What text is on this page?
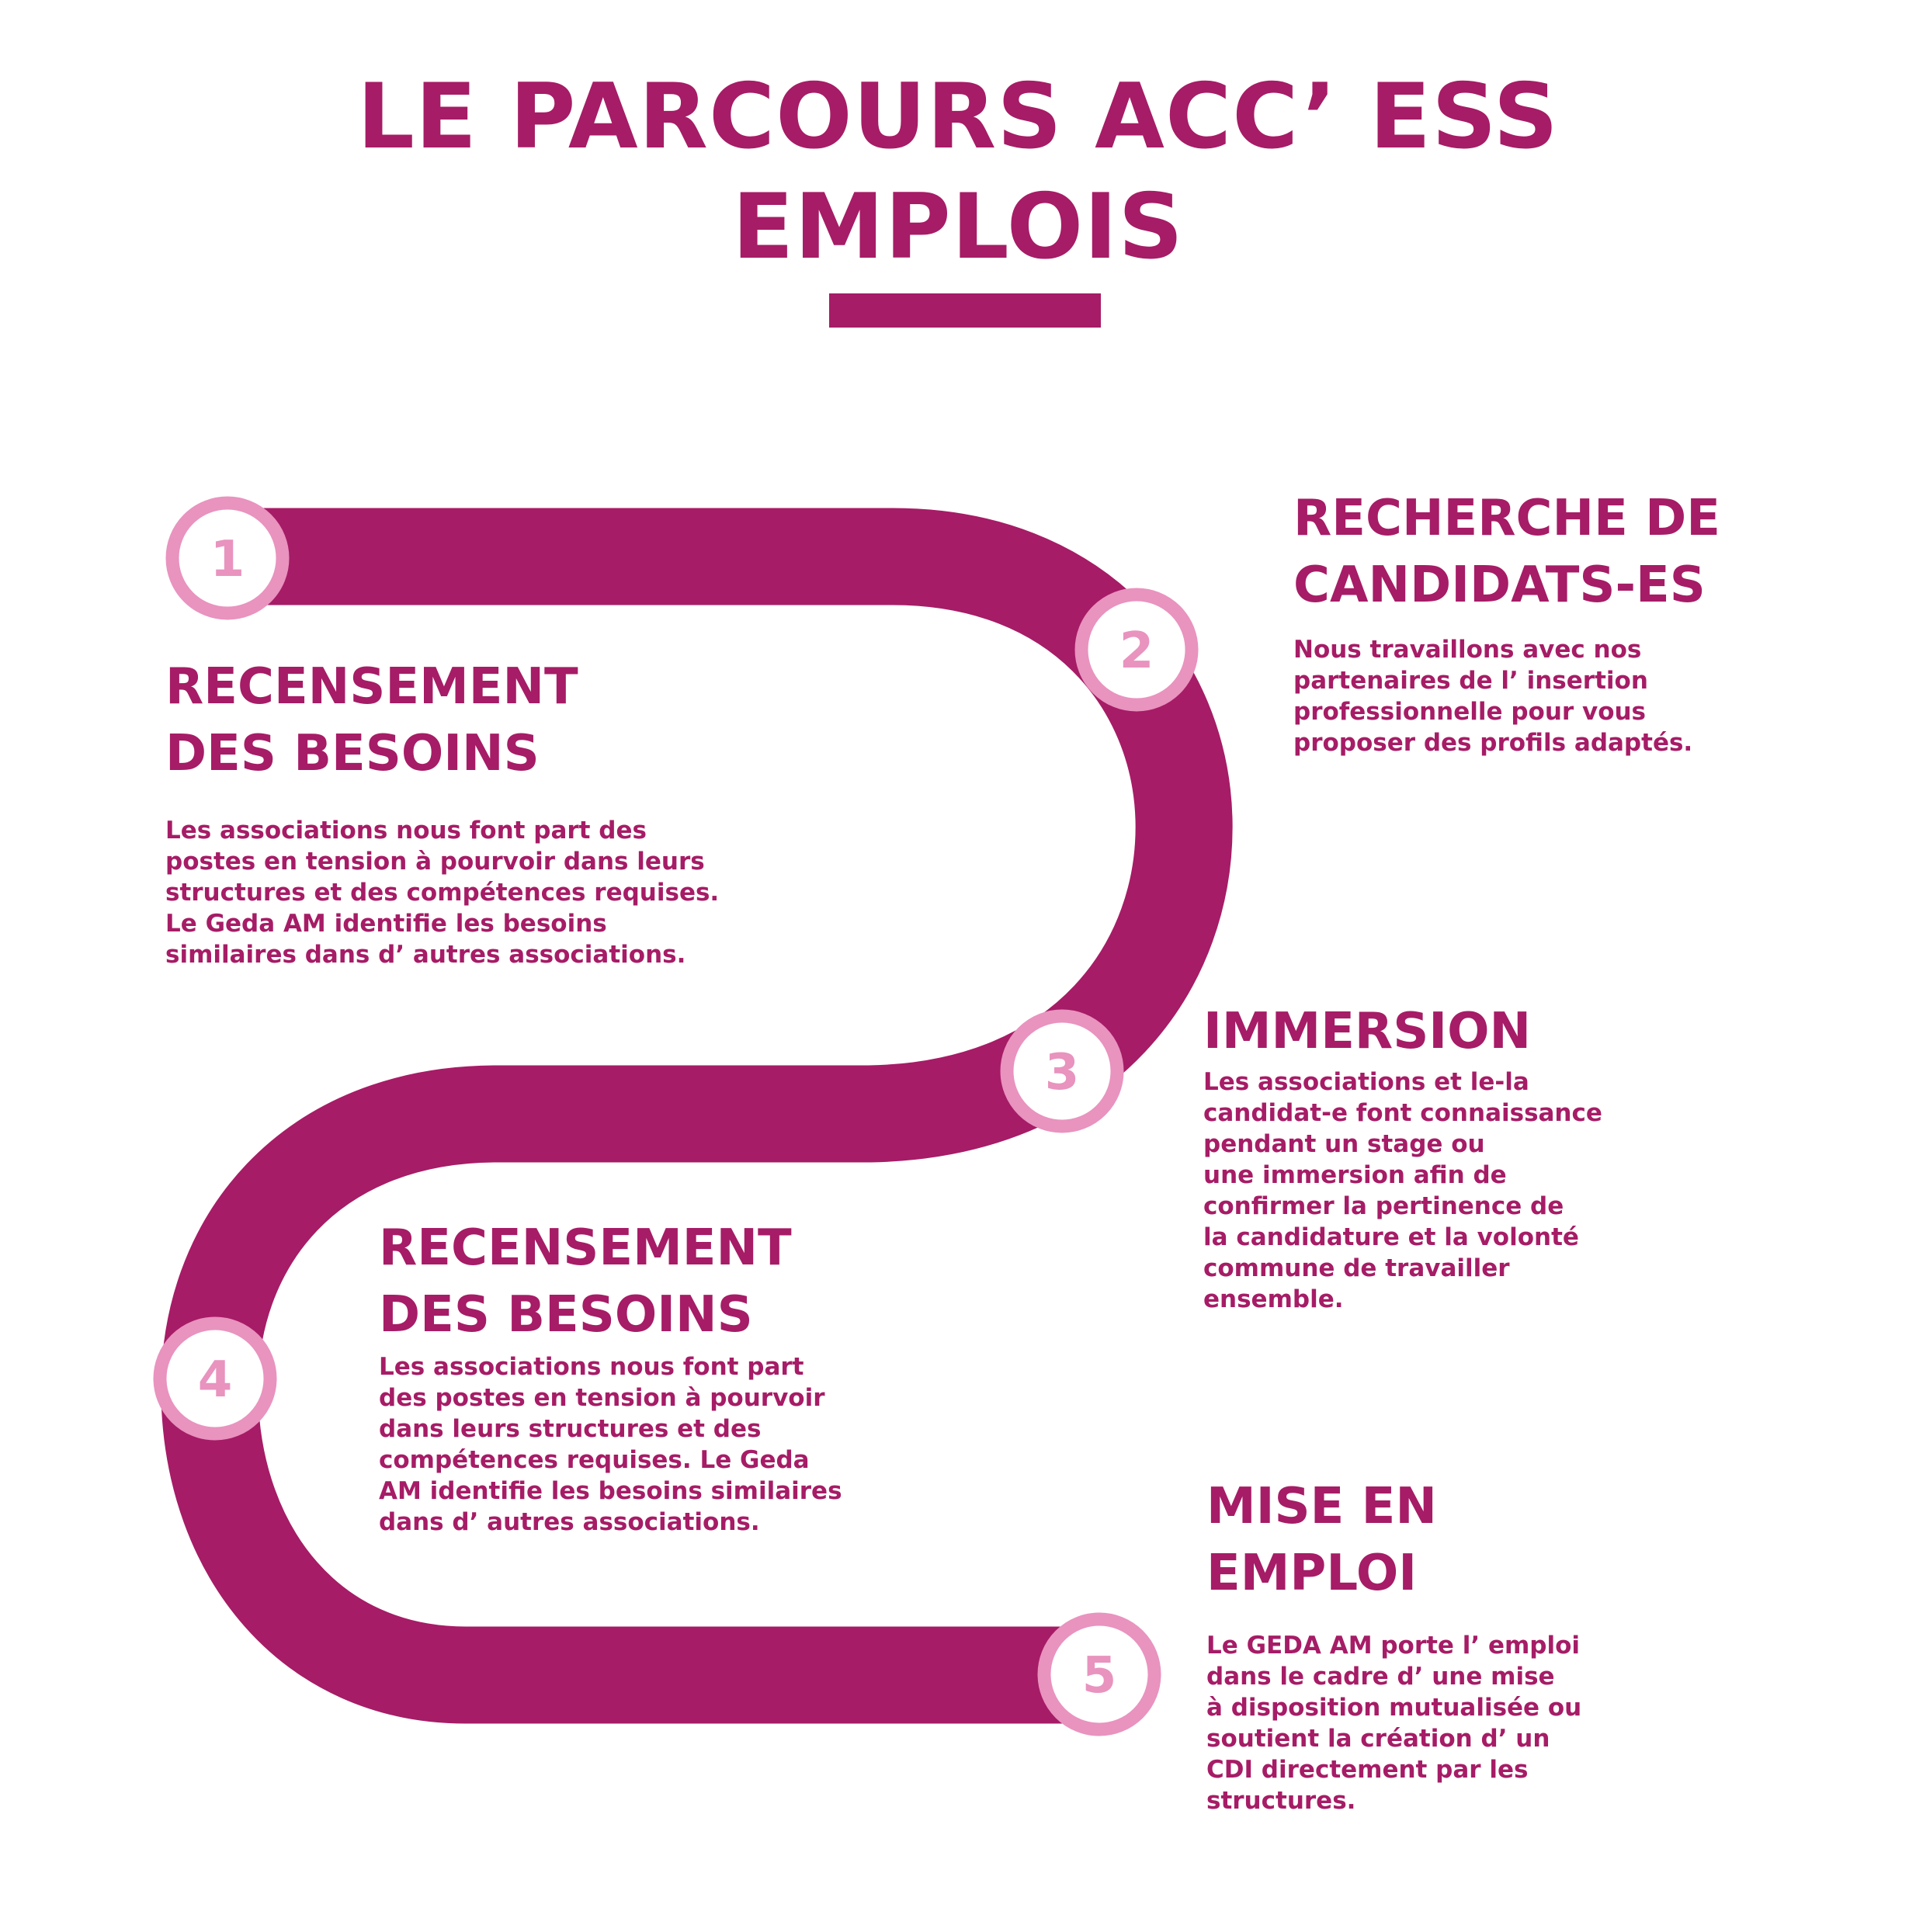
LE PARCOURS ACC’ ESS
EMPLOIS
1
2
3
4
5
RECENSEMENT
DES BESOINS

Les associations nous font part des
postes en tension à pourvoir dans leurs
structures et des compétences requises.
Le Geda AM identifie les besoins
similaires dans d’ autres associations.

RECHERCHE DE
CANDIDATS-ES

Nous travaillons avec nos
partenaires de l’ insertion
professionnelle pour vous
proposer des profils adaptés.

IMMERSION

Les associations et le-la
candidat-e font connaissance
pendant un stage ou
une immersion afin de
confirmer la pertinence de
la candidature et la volonté
commune de travailler
ensemble.

RECENSEMENT
DES BESOINS

Les associations nous font part
des postes en tension à pourvoir
dans leurs structures et des
compétences requises. Le Geda
AM identifie les besoins similaires
dans d’ autres associations.	MISE EN
EMPLOI

Le GEDA AM porte l’ emploi
dans le cadre d’ une mise
à disposition mutualisée ou
soutient la création d’ un
CDI directement par les
structures.
